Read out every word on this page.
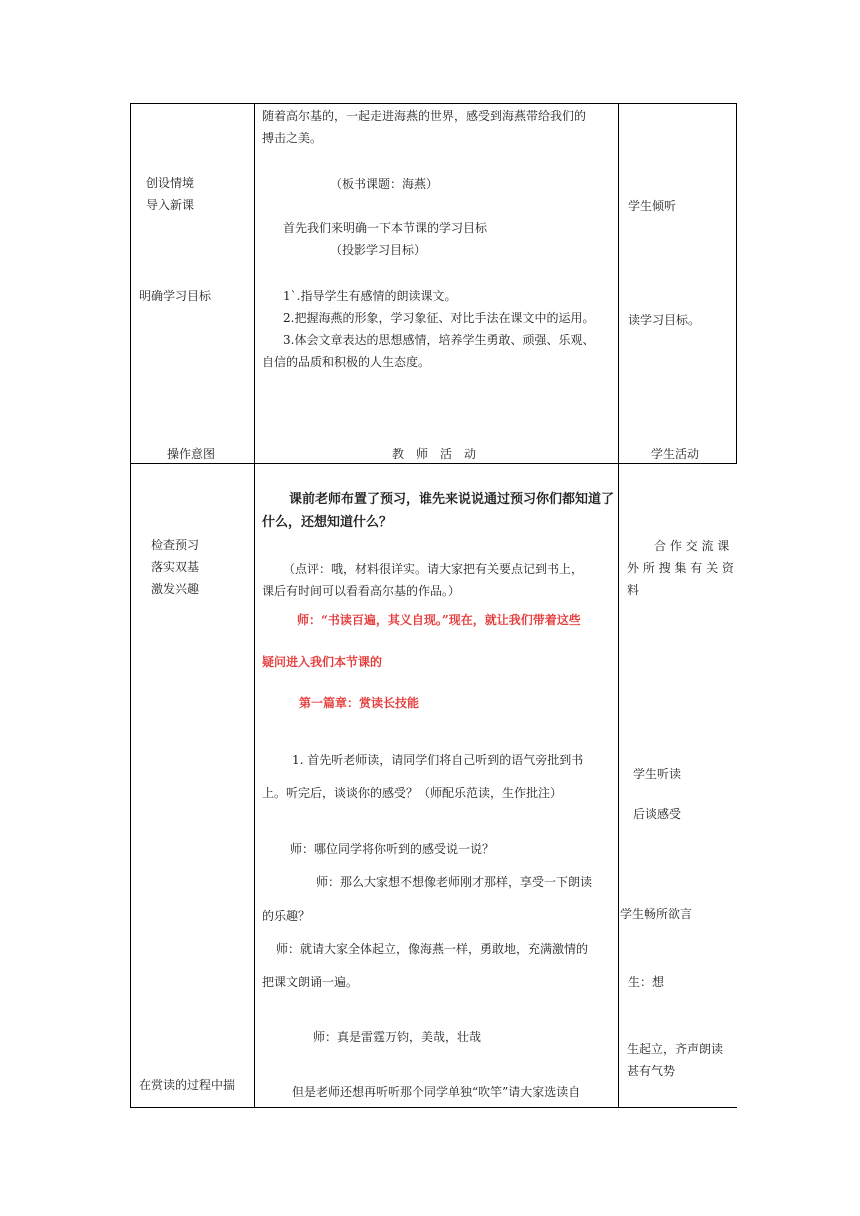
创设情境
导入新课
明确学习目标
操作意图
随着高尔基的，一起走进海燕的世界，感受到海燕带给我们的
搏击之美。
（板书课题：海燕）
首先我们来明确一下本节课的学习目标
（投影学习目标）
1`.指导学生有感情的朗读课文。
2.把握海燕的形象，学习象征、对比手法在课文中的运用。
3.体会文章表达的思想感情，培养学生勇敢、顽强、乐观、
自信的品质和积极的人生态度。
教　师　活　动
学生倾听
读学习目标。
学生活动
检查预习
落实双基
激发兴趣
在赏读的过程中揣
课前老师布置了预习，谁先来说说通过预习你们都知道了
什么，还想知道什么？
（点评：哦，材料很详实。请大家把有关要点记到书上，
课后有时间可以看看高尔基的作品。）
师：“书读百遍，其义自现。”现在，就让我们带着这些
疑问进入我们本节课的
第一篇章：赏读长技能
1. 首先听老师读，请同学们将自己听到的语气旁批到书
上。听完后，谈谈你的感受？（师配乐范读，生作批注）
师：哪位同学将你听到的感受说一说？
师：那么大家想不想像老师刚才那样，享受一下朗读
的乐趣？
师：就请大家全体起立，像海燕一样，勇敢地，充满激情的
把课文朗诵一遍。
师：真是雷霆万钧，美哉，壮哉
但是老师还想再听听那个同学单独“吹竿”请大家选读自
合 作 交 流 课
外 所 搜 集 有 关 资
料
学生听读
后谈感受
学生畅所欲言
生：想
生起立，齐声朗读
甚有气势
